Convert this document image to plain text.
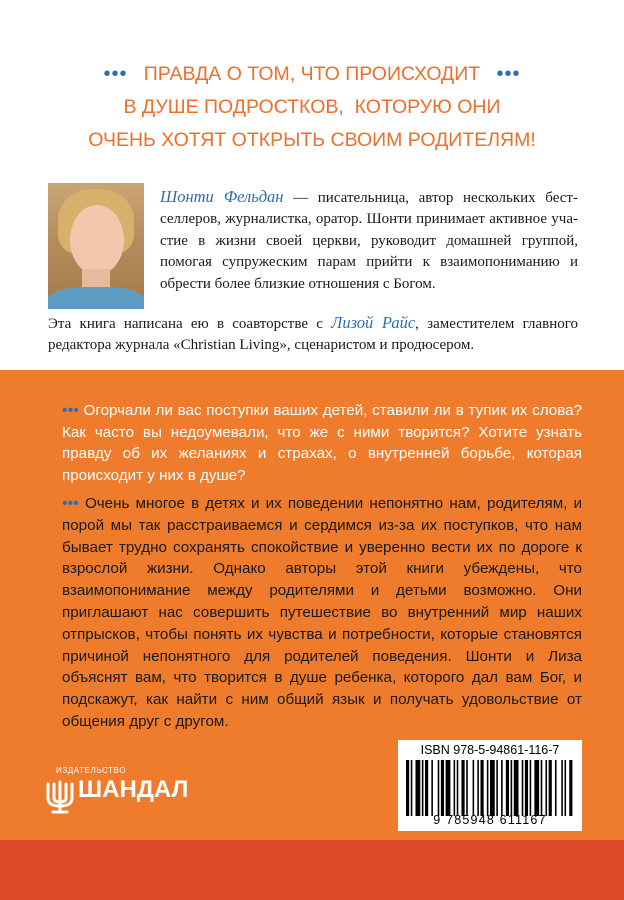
••• ПРАВДА О ТОМ, ЧТО ПРОИСХОДИТ •••
В ДУШЕ ПОДРОСТКОВ, КОТОРУЮ ОНИ
ОЧЕНЬ ХОТЯТ ОТКРЫТЬ СВОИМ РОДИТЕЛЯМ!
Шонти Фельдан — писательница, автор нескольких бестселлеров, журналистка, оратор. Шонти принимает активное участие в жизни своей церкви, руководит домашней группой, помогая супружеским парам прийти к взаимопониманию и обрести более близкие отношения с Богом.
Эта книга написана ею в соавторстве с Лизой Райс, заместителем главного редактора журнала «Christian Living», сценаристом и продюсером.
••• Огорчали ли вас поступки ваших детей, ставили ли в тупик их слова? Как часто вы недоумевали, что же с ними творится? Хотите узнать правду об их желаниях и страхах, о внутренней борьбе, которая происходит у них в душе?
••• Очень многое в детях и их поведении непонятно нам, родителям, и порой мы так расстраиваемся и сердимся из-за их поступков, что нам бывает трудно сохранять спокойствие и уверенно вести их по дороге к взрослой жизни. Однако авторы этой книги убеждены, что взаимопонимание между родителями и детьми возможно. Они приглашают нас совершить путешествие во внутренний мир наших отпрысков, чтобы понять их чувства и потребности, которые становятся причиной непонятного для родителей поведения. Шонти и Лиза объяснят вам, что творится в душе ребенка, которого дал вам Бог, и подскажут, как найти с ним общий язык и получать удовольствие от общения друг с другом.
ИЗДАТЕЛЬСТВО
ШАНДАЛ
ISBN 978-5-94861-116-7
9 785948 611167
